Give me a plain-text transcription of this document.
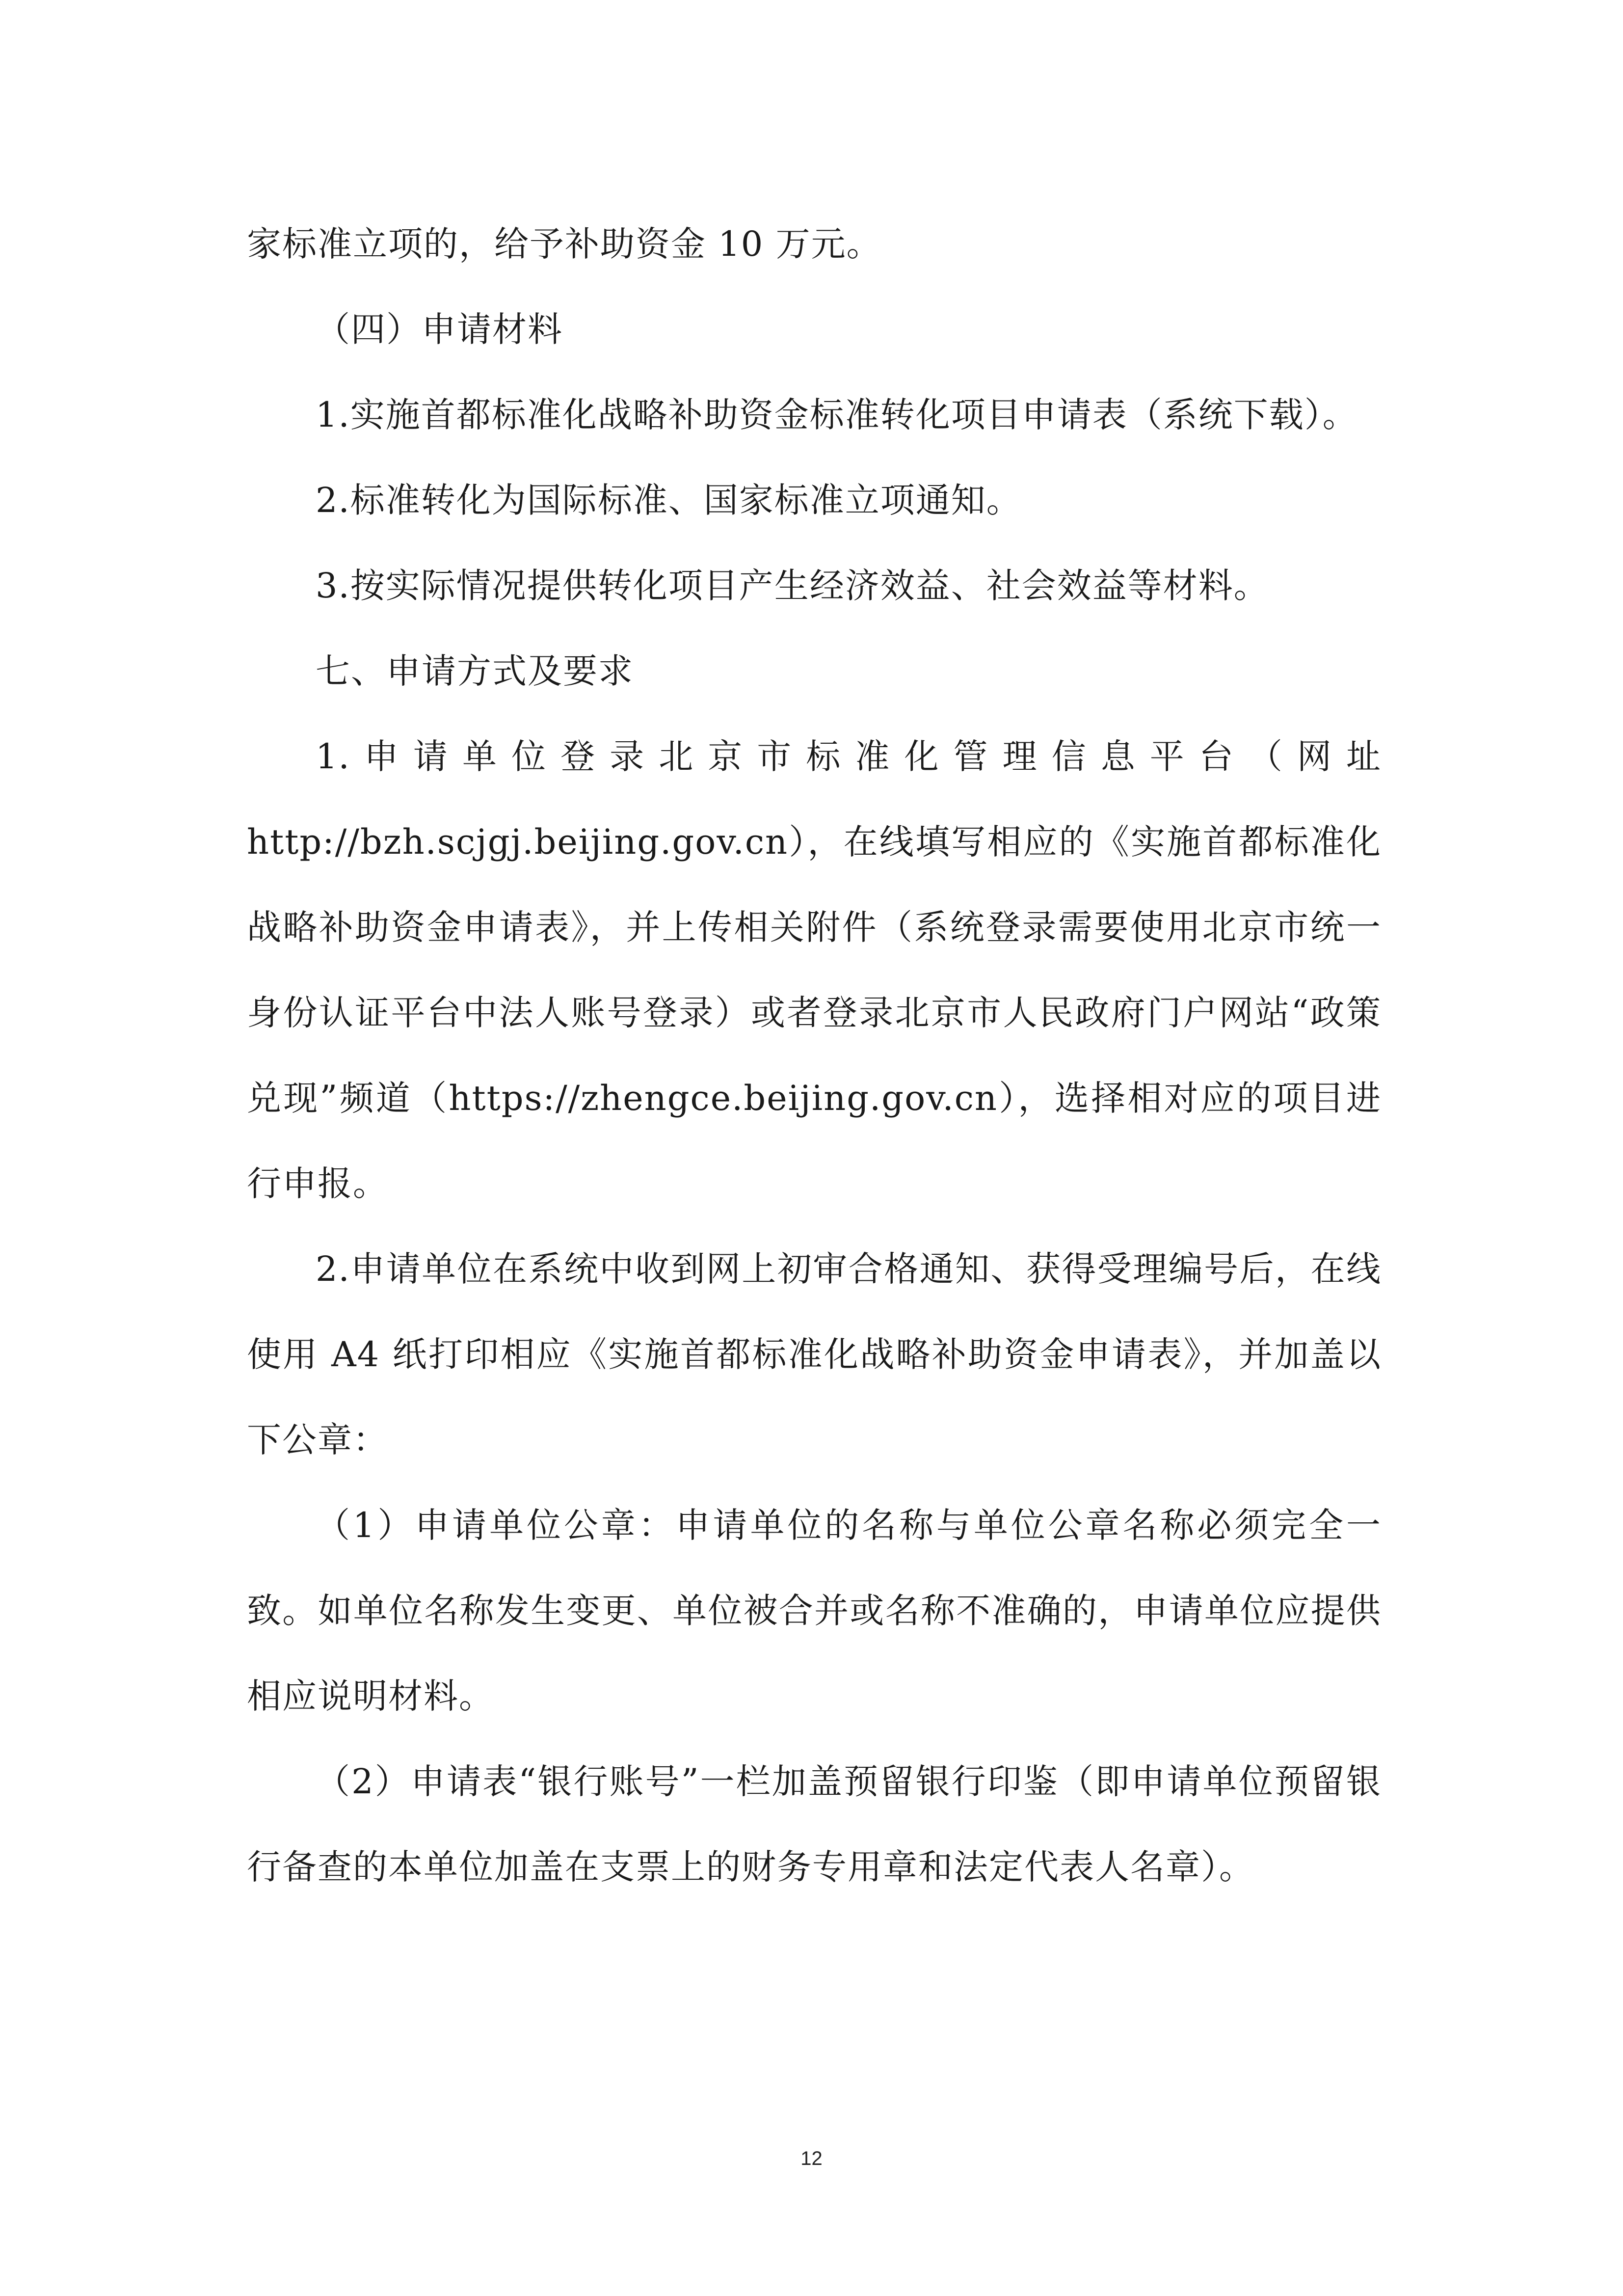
家标准立项的，给予补助资金 10 万元。

（四）申请材料

1.实施首都标准化战略补助资金标准转化项目申请表（系统下载）。

2.标准转化为国际标准、国家标准立项通知。

3.按实际情况提供转化项目产生经济效益、社会效益等材料。

七、申请方式及要求

1.申请单位登录北京市标准化管理信息平台（网址 http://bzh.scjgj.beijing.gov.cn），在线填写相应的《实施首都标准化战略补助资金申请表》，并上传相关附件（系统登录需要使用北京市统一身份认证平台中法人账号登录）或者登录北京市人民政府门户网站“政策兑现”频道（https://zhengce.beijing.gov.cn），选择相对应的项目进行申报。

2.申请单位在系统中收到网上初审合格通知、获得受理编号后，在线使用 A4 纸打印相应《实施首都标准化战略补助资金申请表》，并加盖以下公章：

（1）申请单位公章：申请单位的名称与单位公章名称必须完全一致。如单位名称发生变更、单位被合并或名称不准确的，申请单位应提供相应说明材料。

（2）申请表“银行账号”一栏加盖预留银行印鉴（即申请单位预留银行备查的本单位加盖在支票上的财务专用章和法定代表人名章）。

12
